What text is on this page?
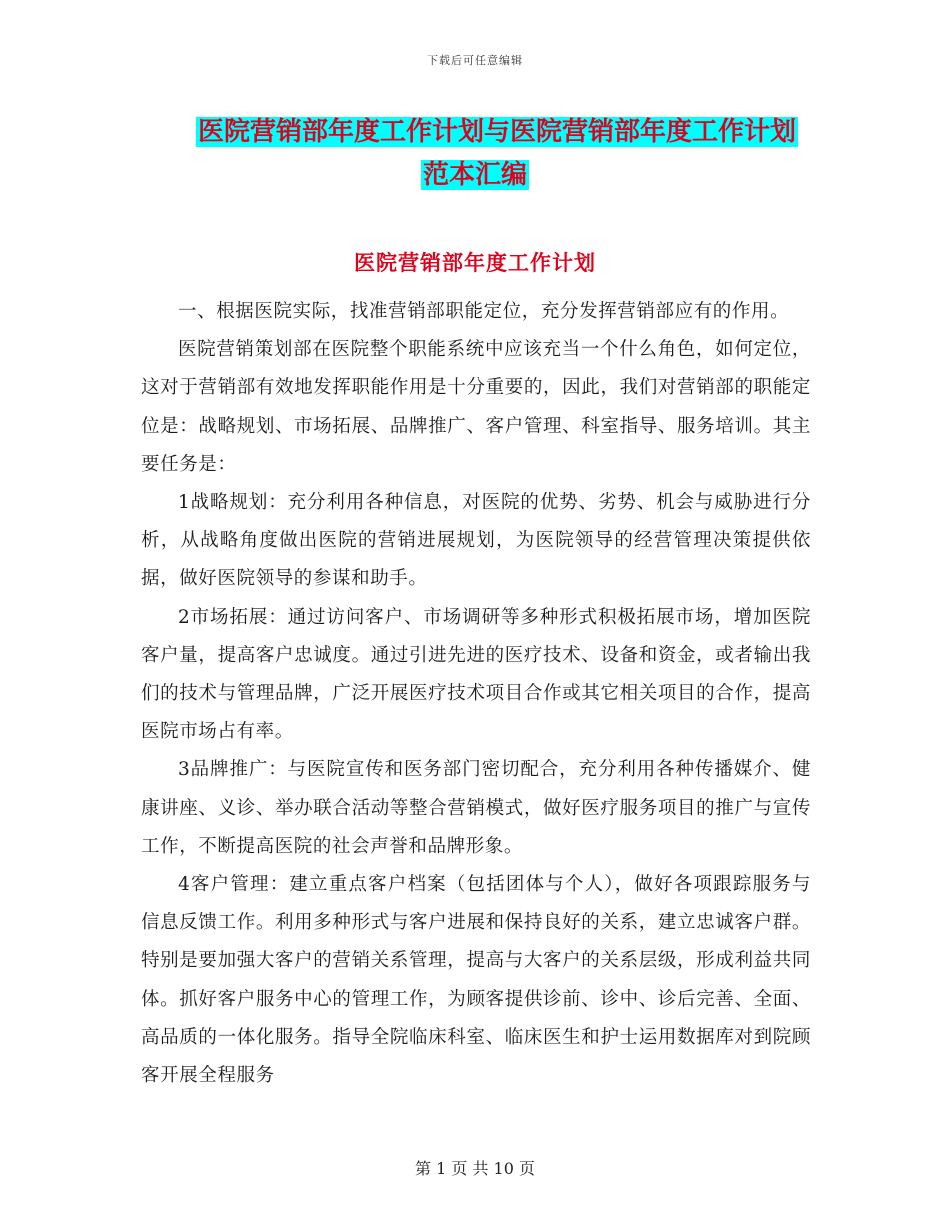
下载后可任意编辑
医院营销部年度工作计划与医院营销部年度工作计划
范本汇编
医院营销部年度工作计划

一、根据医院实际，找准营销部职能定位，充分发挥营销部应有的作用。

医院营销策划部在医院整个职能系统中应该充当一个什么角色，如何定位，这对于营销部有效地发挥职能作用是十分重要的，因此，我们对营销部的职能定位是：战略规划、市场拓展、品牌推广、客户管理、科室指导、服务培训。其主要任务是：

1战略规划：充分利用各种信息，对医院的优势、劣势、机会与威胁进行分析，从战略角度做出医院的营销进展规划，为医院领导的经营管理决策提供依据，做好医院领导的参谋和助手。

2市场拓展：通过访问客户、市场调研等多种形式积极拓展市场，增加医院客户量，提高客户忠诚度。通过引进先进的医疗技术、设备和资金，或者输出我们的技术与管理品牌，广泛开展医疗技术项目合作或其它相关项目的合作，提高医院市场占有率。

3品牌推广：与医院宣传和医务部门密切配合，充分利用各种传播媒介、健康讲座、义诊、举办联合活动等整合营销模式，做好医疗服务项目的推广与宣传工作，不断提高医院的社会声誉和品牌形象。

4客户管理：建立重点客户档案（包括团体与个人），做好各项跟踪服务与信息反馈工作。利用多种形式与客户进展和保持良好的关系，建立忠诚客户群。特别是要加强大客户的营销关系管理，提高与大客户的关系层级，形成利益共同体。抓好客户服务中心的管理工作，为顾客提供诊前、诊中、诊后完善、全面、高品质的一体化服务。指导全院临床科室、临床医生和护士运用数据库对到院顾客开展全程服务

第 1 页 共 10 页
